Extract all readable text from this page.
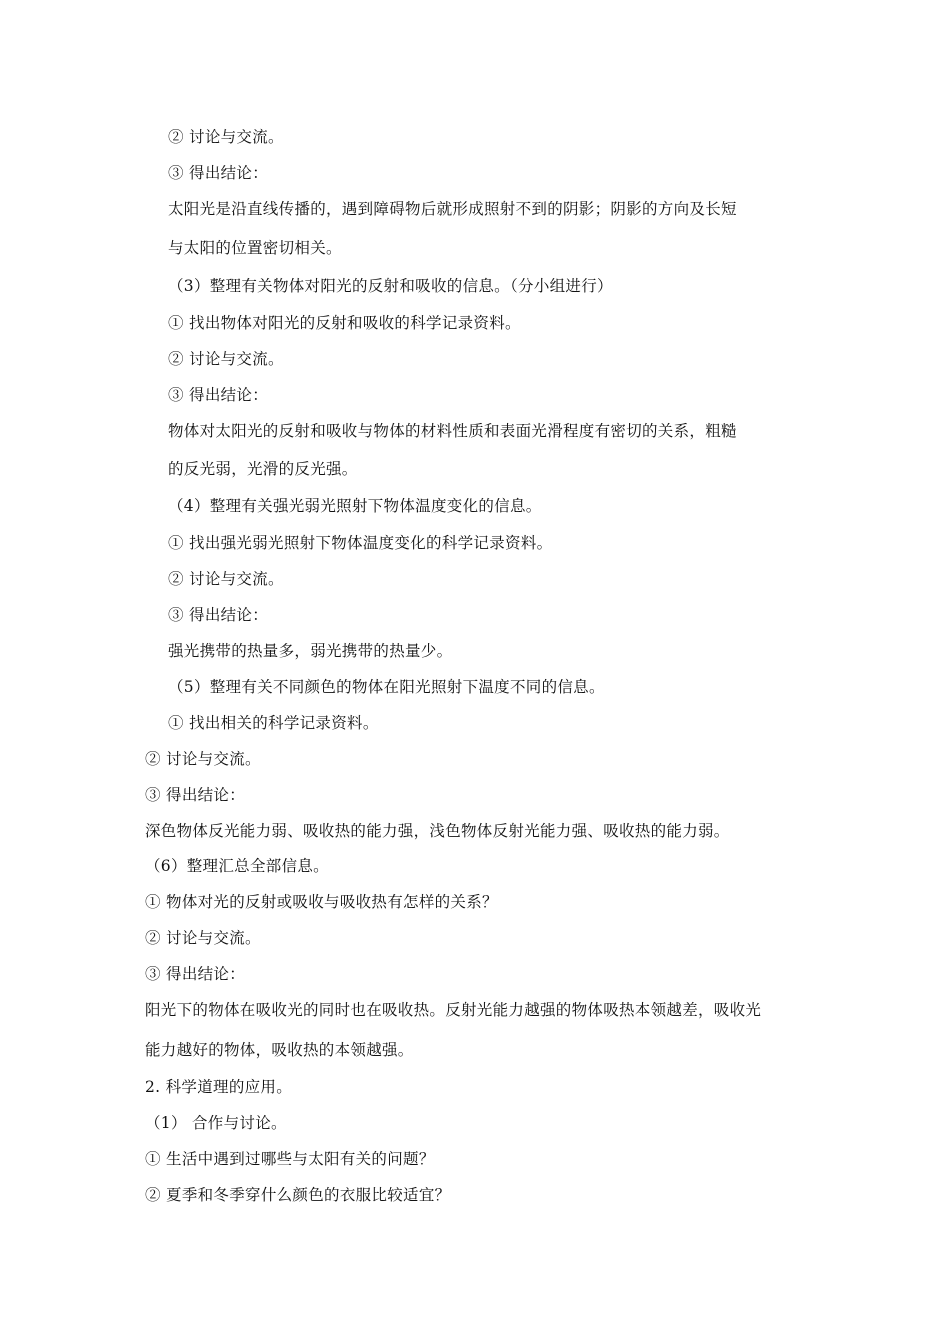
② 讨论与交流。
③ 得出结论：
太阳光是沿直线传播的，遇到障碍物后就形成照射不到的阴影；阴影的方向及长短
与太阳的位置密切相关。
（3）整理有关物体对阳光的反射和吸收的信息。（分小组进行）
① 找出物体对阳光的反射和吸收的科学记录资料。
② 讨论与交流。
③ 得出结论：
物体对太阳光的反射和吸收与物体的材料性质和表面光滑程度有密切的关系，粗糙
的反光弱，光滑的反光强。
（4）整理有关强光弱光照射下物体温度变化的信息。
① 找出强光弱光照射下物体温度变化的科学记录资料。
② 讨论与交流。
③ 得出结论：
强光携带的热量多，弱光携带的热量少。
（5）整理有关不同颜色的物体在阳光照射下温度不同的信息。
① 找出相关的科学记录资料。
② 讨论与交流。
③ 得出结论：
深色物体反光能力弱、吸收热的能力强，浅色物体反射光能力强、吸收热的能力弱。
（6）整理汇总全部信息。
① 物体对光的反射或吸收与吸收热有怎样的关系？
② 讨论与交流。
③ 得出结论：
阳光下的物体在吸收光的同时也在吸收热。反射光能力越强的物体吸热本领越差，吸收光
能力越好的物体，吸收热的本领越强。
2. 科学道理的应用。
（1） 合作与讨论。
① 生活中遇到过哪些与太阳有关的问题？
② 夏季和冬季穿什么颜色的衣服比较适宜？
